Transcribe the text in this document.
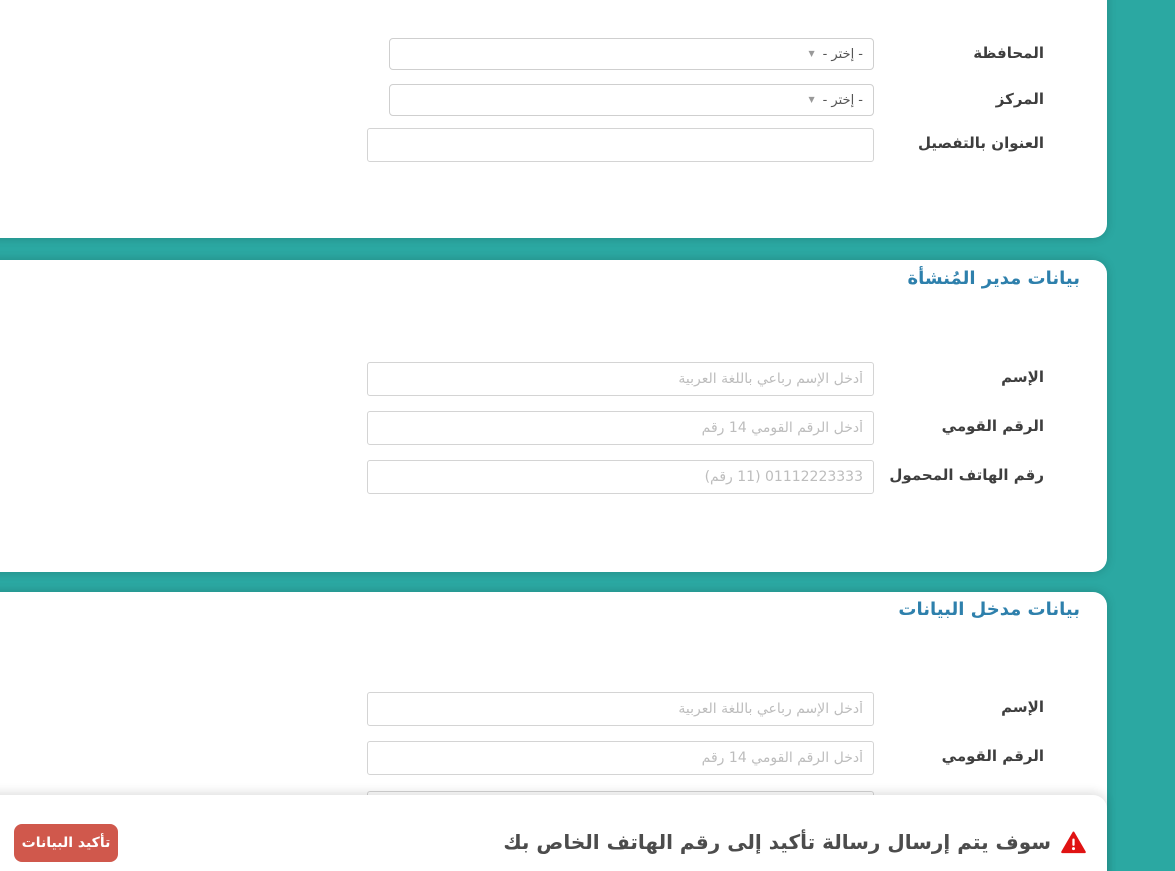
المحافظة
- إختر -
▼
المركز
- إختر -
▼
العنوان بالتفصيل
بيانات مدير المُنشأة
الإسم
أدخل الإسم رباعي باللغة العربية
الرقم القومي
أدخل الرقم القومي 14 رقم
رقم الهاتف المحمول
01112223333 (11 رقم)
بيانات مدخل البيانات
الإسم
أدخل الإسم رباعي باللغة العربية
الرقم القومي
أدخل الرقم القومي 14 رقم
تأكيد البيانات	سوف يتم إرسال رسالة تأكيد إلى رقم الهاتف الخاص بك
